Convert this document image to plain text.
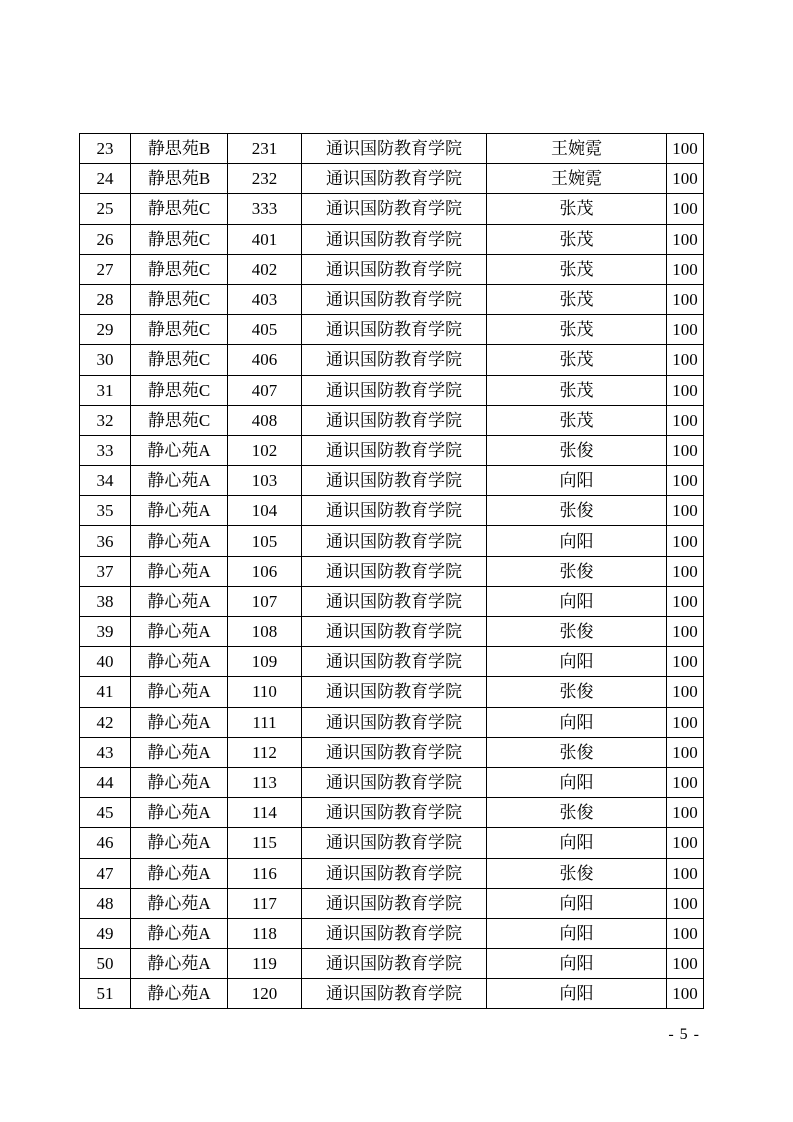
23	静思苑B	231	通识国防教育学院	王婉霓	100
24	静思苑B	232	通识国防教育学院	王婉霓	100
25	静思苑C	333	通识国防教育学院	张茂	100
26	静思苑C	401	通识国防教育学院	张茂	100
27	静思苑C	402	通识国防教育学院	张茂	100
28	静思苑C	403	通识国防教育学院	张茂	100
29	静思苑C	405	通识国防教育学院	张茂	100
30	静思苑C	406	通识国防教育学院	张茂	100
31	静思苑C	407	通识国防教育学院	张茂	100
32	静思苑C	408	通识国防教育学院	张茂	100
33	静心苑A	102	通识国防教育学院	张俊	100
34	静心苑A	103	通识国防教育学院	向阳	100
35	静心苑A	104	通识国防教育学院	张俊	100
36	静心苑A	105	通识国防教育学院	向阳	100
37	静心苑A	106	通识国防教育学院	张俊	100
38	静心苑A	107	通识国防教育学院	向阳	100
39	静心苑A	108	通识国防教育学院	张俊	100
40	静心苑A	109	通识国防教育学院	向阳	100
41	静心苑A	110	通识国防教育学院	张俊	100
42	静心苑A	111	通识国防教育学院	向阳	100
43	静心苑A	112	通识国防教育学院	张俊	100
44	静心苑A	113	通识国防教育学院	向阳	100
45	静心苑A	114	通识国防教育学院	张俊	100
46	静心苑A	115	通识国防教育学院	向阳	100
47	静心苑A	116	通识国防教育学院	张俊	100
48	静心苑A	117	通识国防教育学院	向阳	100
49	静心苑A	118	通识国防教育学院	向阳	100
50	静心苑A	119	通识国防教育学院	向阳	100
51	静心苑A	120	通识国防教育学院	向阳	100
- 5 -
